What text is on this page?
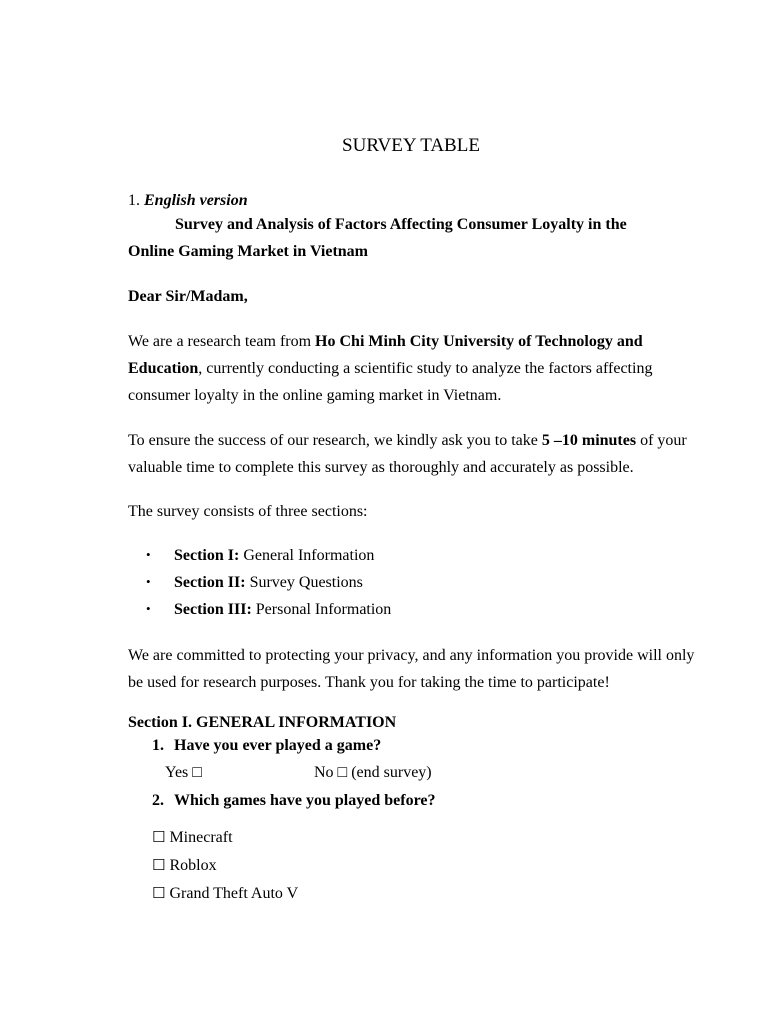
SURVEY TABLE
1. English version
Survey and Analysis of Factors Affecting Consumer Loyalty in the
Online Gaming Market in Vietnam
Dear Sir/Madam,
We are a research team from Ho Chi Minh City University of Technology and Education, currently conducting a scientific study to analyze the factors affecting consumer loyalty in the online gaming market in Vietnam.
To ensure the success of our research, we kindly ask you to take 5 –10 minutes of your valuable time to complete this survey as thoroughly and accurately as possible.
The survey consists of three sections:
• Section I: General Information
• Section II: Survey Questions
• Section III: Personal Information
We are committed to protecting your privacy, and any information you provide will only be used for research purposes. Thank you for taking the time to participate!
Section I. GENERAL INFORMATION
1. Have you ever played a game?
Yes □	No □ (end survey)
2. Which games have you played before?
☐ Minecraft
☐ Roblox
☐ Grand Theft Auto V
